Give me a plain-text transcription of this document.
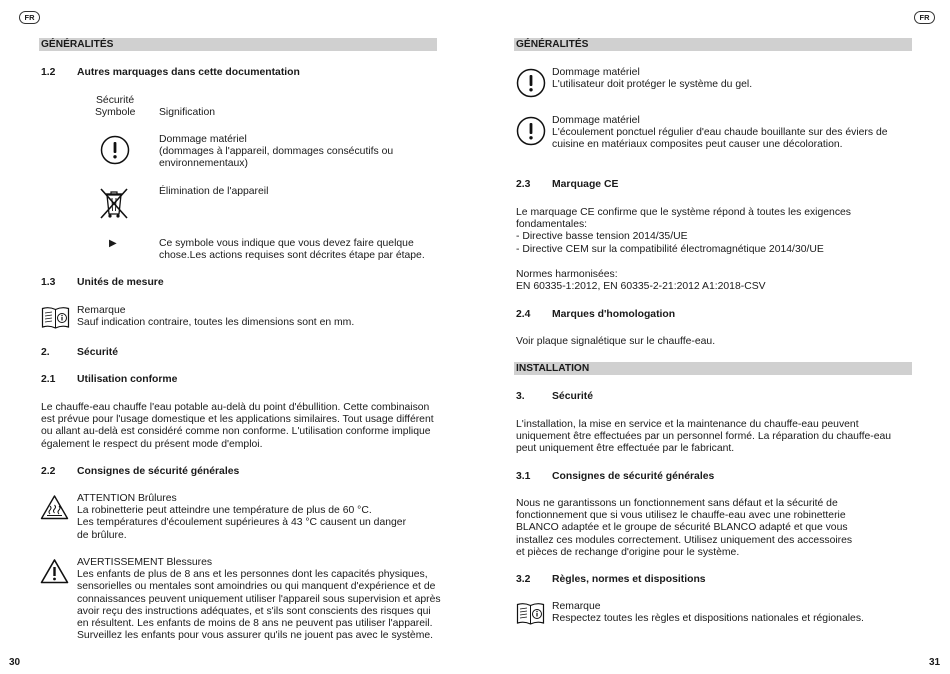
FR	FR
GÉNÉRALITÉS
1.2 Autres marquages dans cette documentation
Sécurité
Symbole Signification
Dommage matériel
(dommages à l'appareil, dommages consécutifs ou
environnementaux)
Élimination de l'appareil
▶	Ce symbole vous indique que vous devez faire quelque
chose.Les actions requises sont décrites étape par étape.
1.3 Unités de mesure
Remarque
Sauf indication contraire, toutes les dimensions sont en mm.
2.	Sécurité
2.1 Utilisation conforme
Le chauffe-eau chauffe l'eau potable au-delà du point d'ébullition. Cette combinaison
est prévue pour l'usage domestique et les applications similaires. Tout usage différent
ou allant au-delà est considéré comme non conforme. L'utilisation conforme implique
également le respect du présent mode d'emploi.
2.2 Consignes de sécurité générales
ATTENTION Brûlures
La robinetterie peut atteindre une température de plus de 60 °C.
Les températures d'écoulement supérieures à 43 °C causent un danger
de brûlure.
AVERTISSEMENT Blessures
Les enfants de plus de 8 ans et les personnes dont les capacités physiques,
sensorielles ou mentales sont amoindries ou qui manquent d'expérience et de
connaissances peuvent uniquement utiliser l'appareil sous supervision et après
avoir reçu des instructions adéquates, et s'ils sont conscients des risques qui
en résultent. Les enfants de moins de 8 ans ne peuvent pas utiliser l'appareil.
Surveillez les enfants pour vous assurer qu'ils ne jouent pas avec le système.
30
GÉNÉRALITÉS
Dommage matériel
L'utilisateur doit protéger le système du gel.
Dommage matériel
L'écoulement ponctuel régulier d'eau chaude bouillante sur des éviers de
cuisine en matériaux composites peut causer une décoloration.
2.3 Marquage CE
Le marquage CE confirme que le système répond à toutes les exigences
fondamentales:
- Directive basse tension 2014/35/UE
- Directive CEM sur la compatibilité électromagnétique 2014/30/UE
Normes harmonisées:
EN 60335-1:2012, EN 60335-2-21:2012 A1:2018-CSV
2.4 Marques d'homologation
Voir plaque signalétique sur le chauffe-eau.
INSTALLATION
3.	Sécurité
L'installation, la mise en service et la maintenance du chauffe-eau peuvent
uniquement être effectuées par un personnel formé. La réparation du chauffe-eau
peut uniquement être effectuée par le fabricant.
3.1 Consignes de sécurité générales
Nous ne garantissons un fonctionnement sans défaut et la sécurité de
fonctionnement que si vous utilisez le chauffe-eau avec une robinetterie
BLANCO adaptée et le groupe de sécurité BLANCO adapté et que vous
installez ces modules correctement. Utilisez uniquement des accessoires
et pièces de rechange d'origine pour le système.
3.2 Règles, normes et dispositions
Remarque
Respectez toutes les règles et dispositions nationales et régionales.
31
